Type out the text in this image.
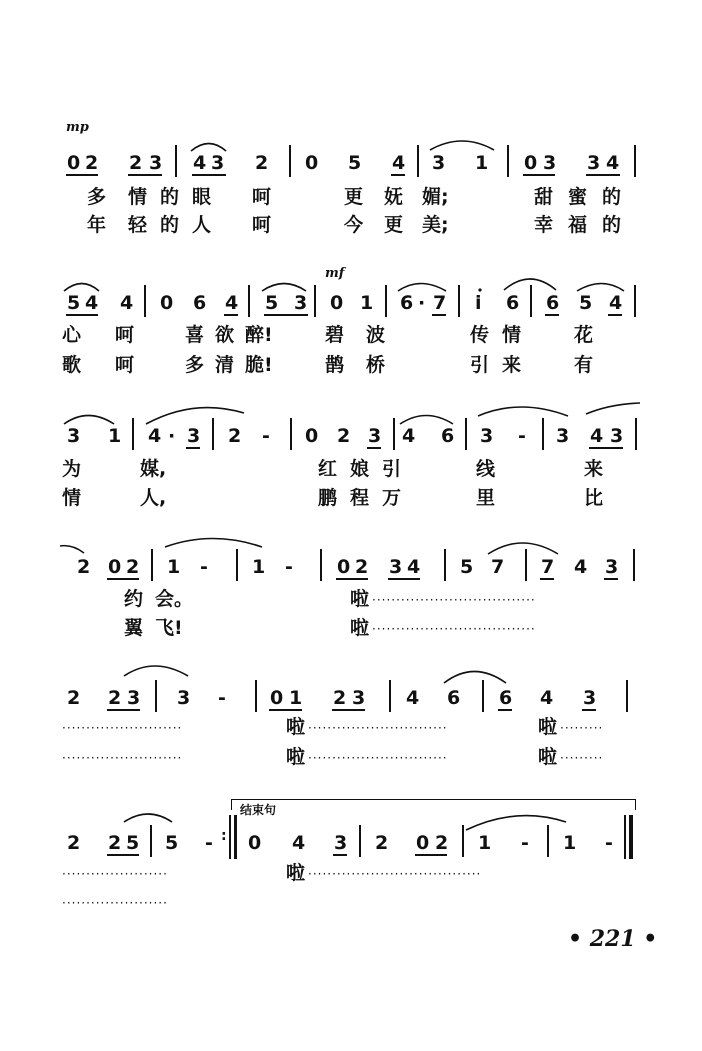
mp
0 2 2 3 4 3 2 0 5 4 3 1 0 3 3 4
多 情 的 眼 呵	更 妩 媚;	甜 蜜 的
年 轻 的 人 呵	今 更 美;	幸 福 的
mf
5 4 4 0 6 4 5 3 0 1 6 · 7 i 6 6 5 4
心 呵	喜 欲 醉!	碧 波	传 情	花
歌 呵	多 清 脆!	鹊 桥	引 来	有
3 1 4 · 3 2 - 0 2 3 4 6 3 - 3 4 3
为	媒,	红 娘 引	线	来
情	人,	鹏 程 万	里	比
2 0 2 1 - 1 - 0 2 3 4 5 7 7 4 3
约 会。	啦 ··································
翼 飞!	啦 ··································
2 2 3 3 - 0 1 2 3 4 6 6 4 3
·························	啦 ·····························	啦 ·········
·························	啦 ·····························	啦 ·········
结束句
2 2 5 5 - : 0 4 3 2 0 2 1 - 1 -
······················	啦 ····································
······················
• 221 •
